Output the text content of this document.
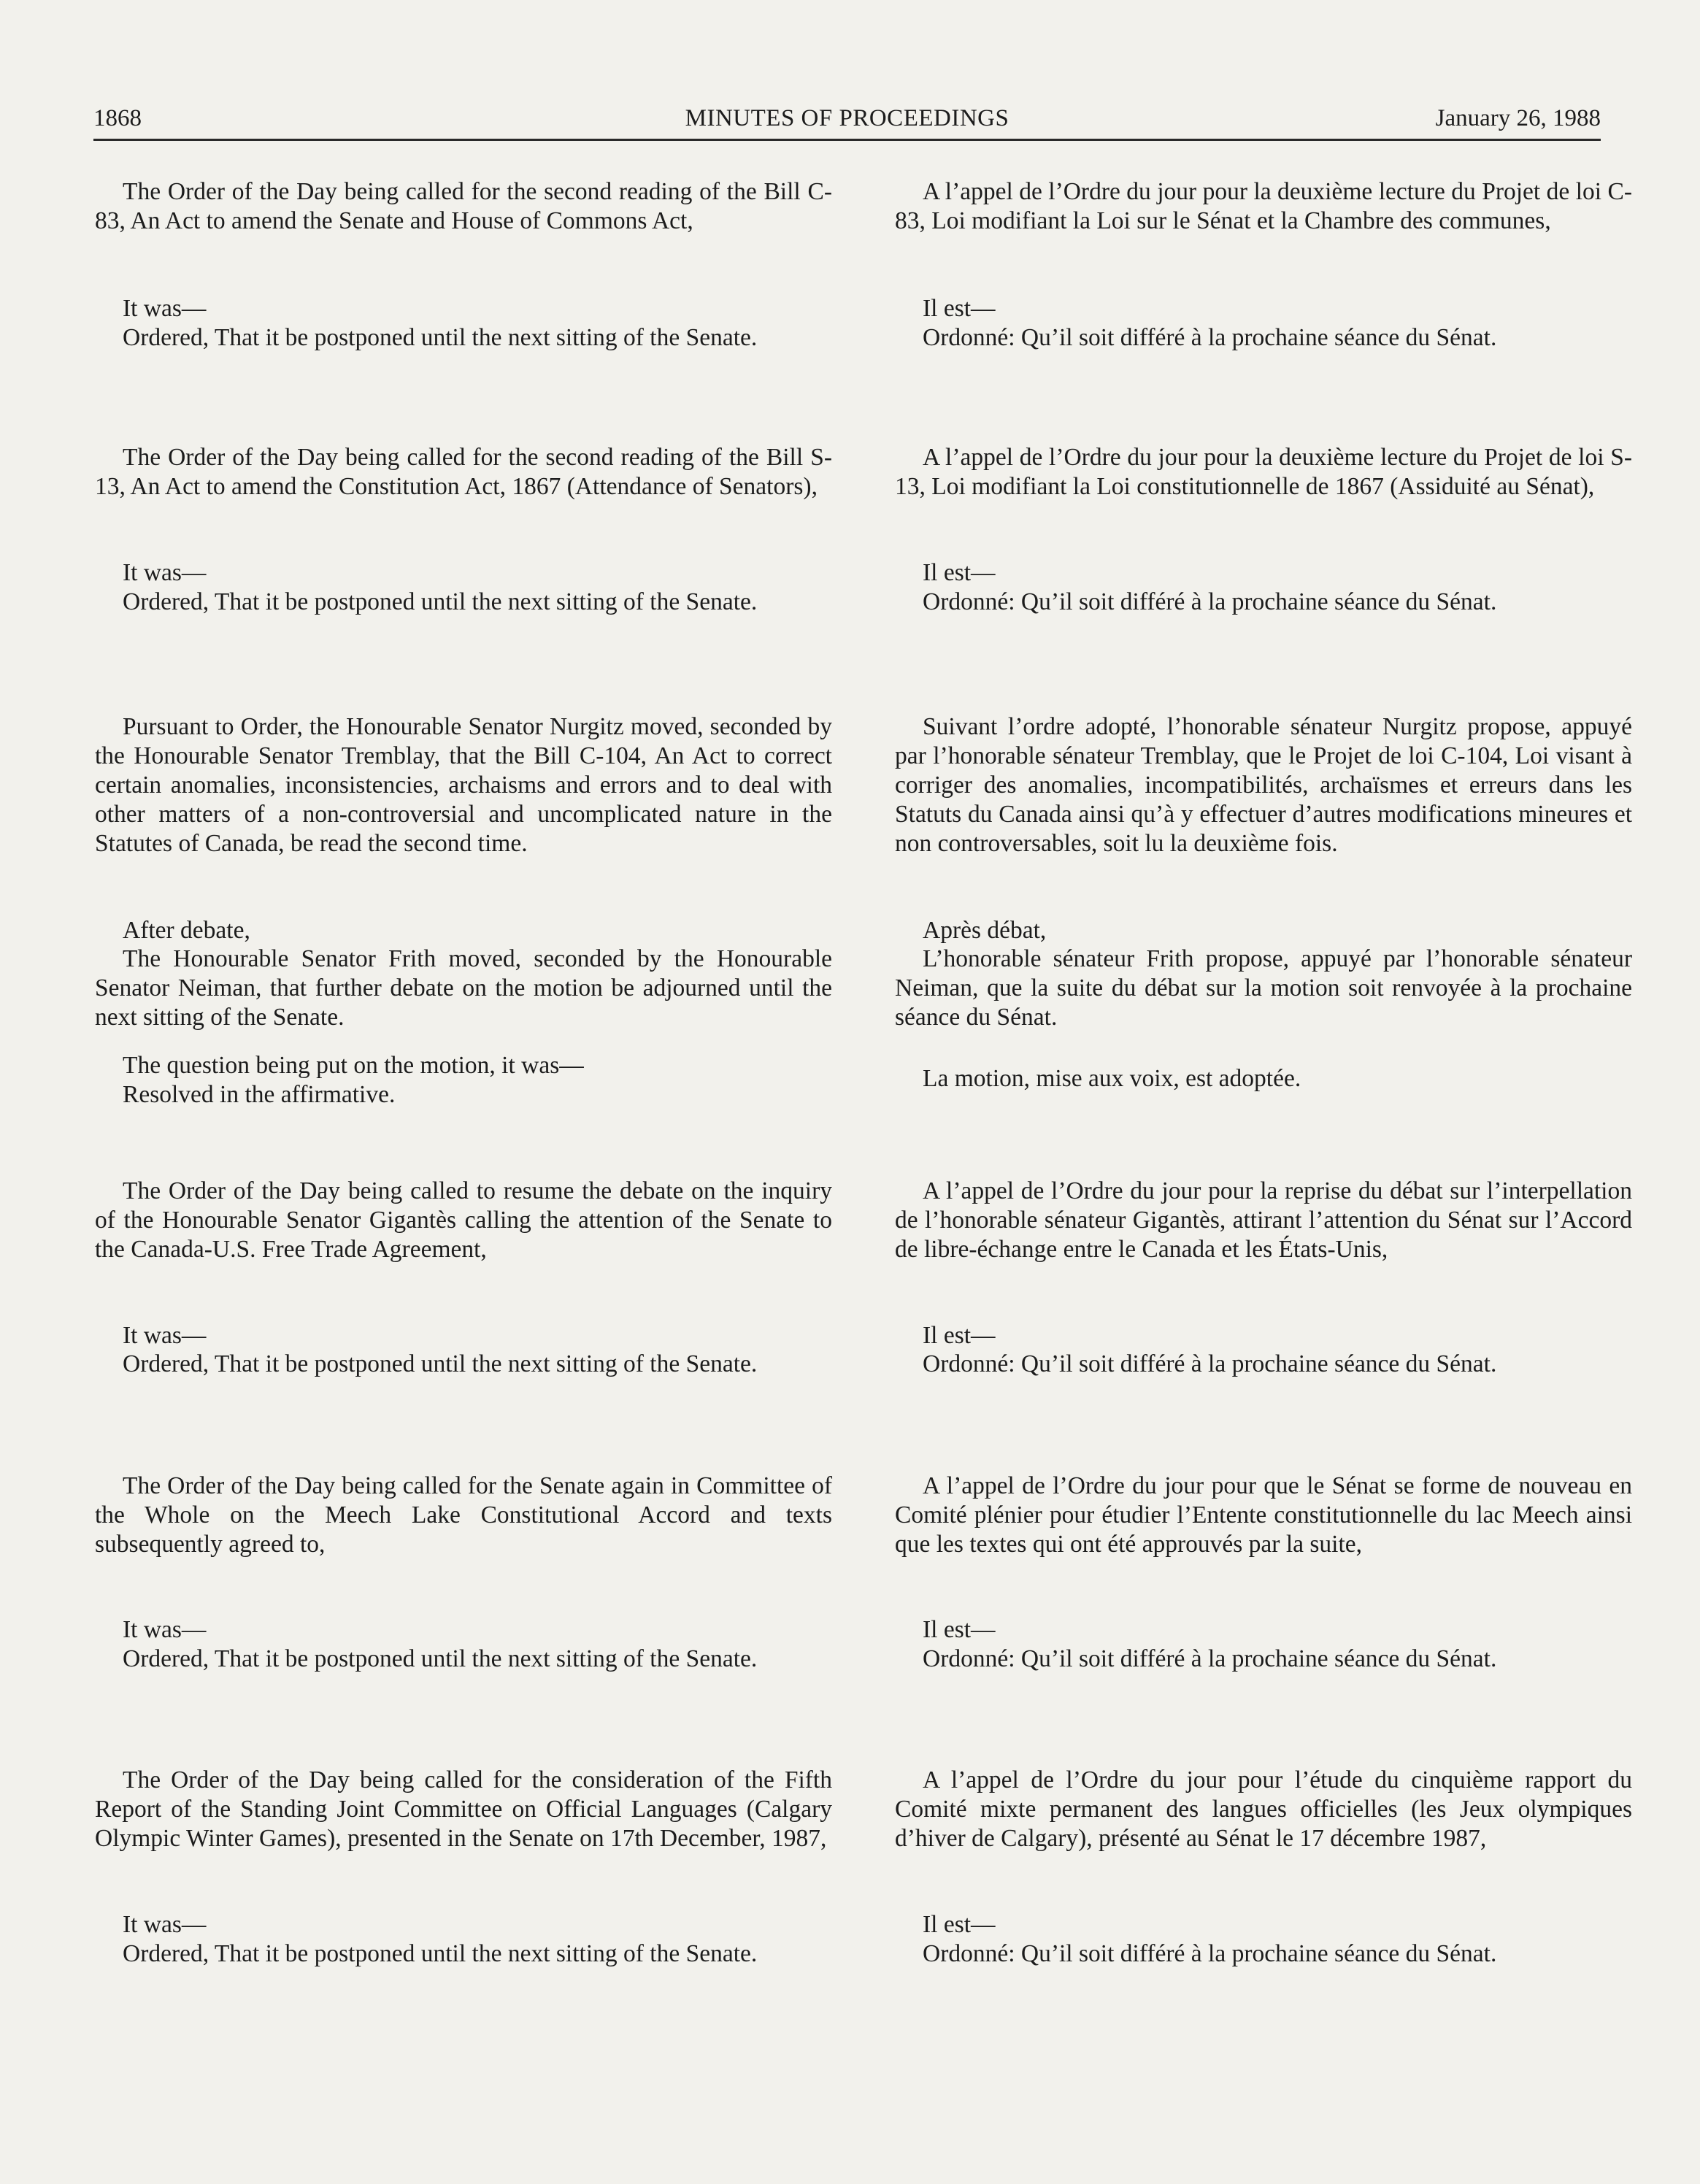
1868	MINUTES OF PROCEEDINGS	January 26, 1988

The Order of the Day being called for the second reading of the Bill C-83, An Act to amend the Senate and House of Commons Act,

It was—

Ordered, That it be postponed until the next sitting of the Senate.

The Order of the Day being called for the second reading of the Bill S-13, An Act to amend the Constitution Act, 1867 (Attendance of Senators),

It was—

Ordered, That it be postponed until the next sitting of the Senate.

Pursuant to Order, the Honourable Senator Nurgitz moved, seconded by the Honourable Senator Tremblay, that the Bill C-104, An Act to correct certain anomalies, inconsistencies, archaisms and errors and to deal with other matters of a non-controversial and uncomplicated nature in the Statutes of Canada, be read the second time.

After debate,

The Honourable Senator Frith moved, seconded by the Honourable Senator Neiman, that further debate on the motion be adjourned until the next sitting of the Senate.

The question being put on the motion, it was—

Resolved in the affirmative.

The Order of the Day being called to resume the debate on the inquiry of the Honourable Senator Gigantès calling the attention of the Senate to the Canada-U.S. Free Trade Agreement,

It was—

Ordered, That it be postponed until the next sitting of the Senate.

The Order of the Day being called for the Senate again in Committee of the Whole on the Meech Lake Constitutional Accord and texts subsequently agreed to,

It was—

Ordered, That it be postponed until the next sitting of the Senate.

The Order of the Day being called for the consideration of the Fifth Report of the Standing Joint Committee on Official Languages (Calgary Olympic Winter Games), presented in the Senate on 17th December, 1987,

It was—

Ordered, That it be postponed until the next sitting of the Senate.

A l’appel de l’Ordre du jour pour la deuxième lecture du Projet de loi C-83, Loi modifiant la Loi sur le Sénat et la Chambre des communes,

Il est—

Ordonné: Qu’il soit différé à la prochaine séance du Sénat.

A l’appel de l’Ordre du jour pour la deuxième lecture du Projet de loi S-13, Loi modifiant la Loi constitutionnelle de 1867 (Assiduité au Sénat),

Il est—

Ordonné: Qu’il soit différé à la prochaine séance du Sénat.

Suivant l’ordre adopté, l’honorable sénateur Nurgitz propose, appuyé par l’honorable sénateur Tremblay, que le Projet de loi C-104, Loi visant à corriger des anomalies, incompatibilités, archaïsmes et erreurs dans les Statuts du Canada ainsi qu’à y effectuer d’autres modifications mineures et non controversables, soit lu la deuxième fois.

Après débat,

L’honorable sénateur Frith propose, appuyé par l’honorable sénateur Neiman, que la suite du débat sur la motion soit renvoyée à la prochaine séance du Sénat.

La motion, mise aux voix, est adoptée.

A l’appel de l’Ordre du jour pour la reprise du débat sur l’interpellation de l’honorable sénateur Gigantès, attirant l’attention du Sénat sur l’Accord de libre-échange entre le Canada et les États-Unis,

Il est—

Ordonné: Qu’il soit différé à la prochaine séance du Sénat.

A l’appel de l’Ordre du jour pour que le Sénat se forme de nouveau en Comité plénier pour étudier l’Entente constitutionnelle du lac Meech ainsi que les textes qui ont été approuvés par la suite,

Il est—

Ordonné: Qu’il soit différé à la prochaine séance du Sénat.

A l’appel de l’Ordre du jour pour l’étude du cinquième rapport du Comité mixte permanent des langues officielles (les Jeux olympiques d’hiver de Calgary), présenté au Sénat le 17 décembre 1987,

Il est—

Ordonné: Qu’il soit différé à la prochaine séance du Sénat.
